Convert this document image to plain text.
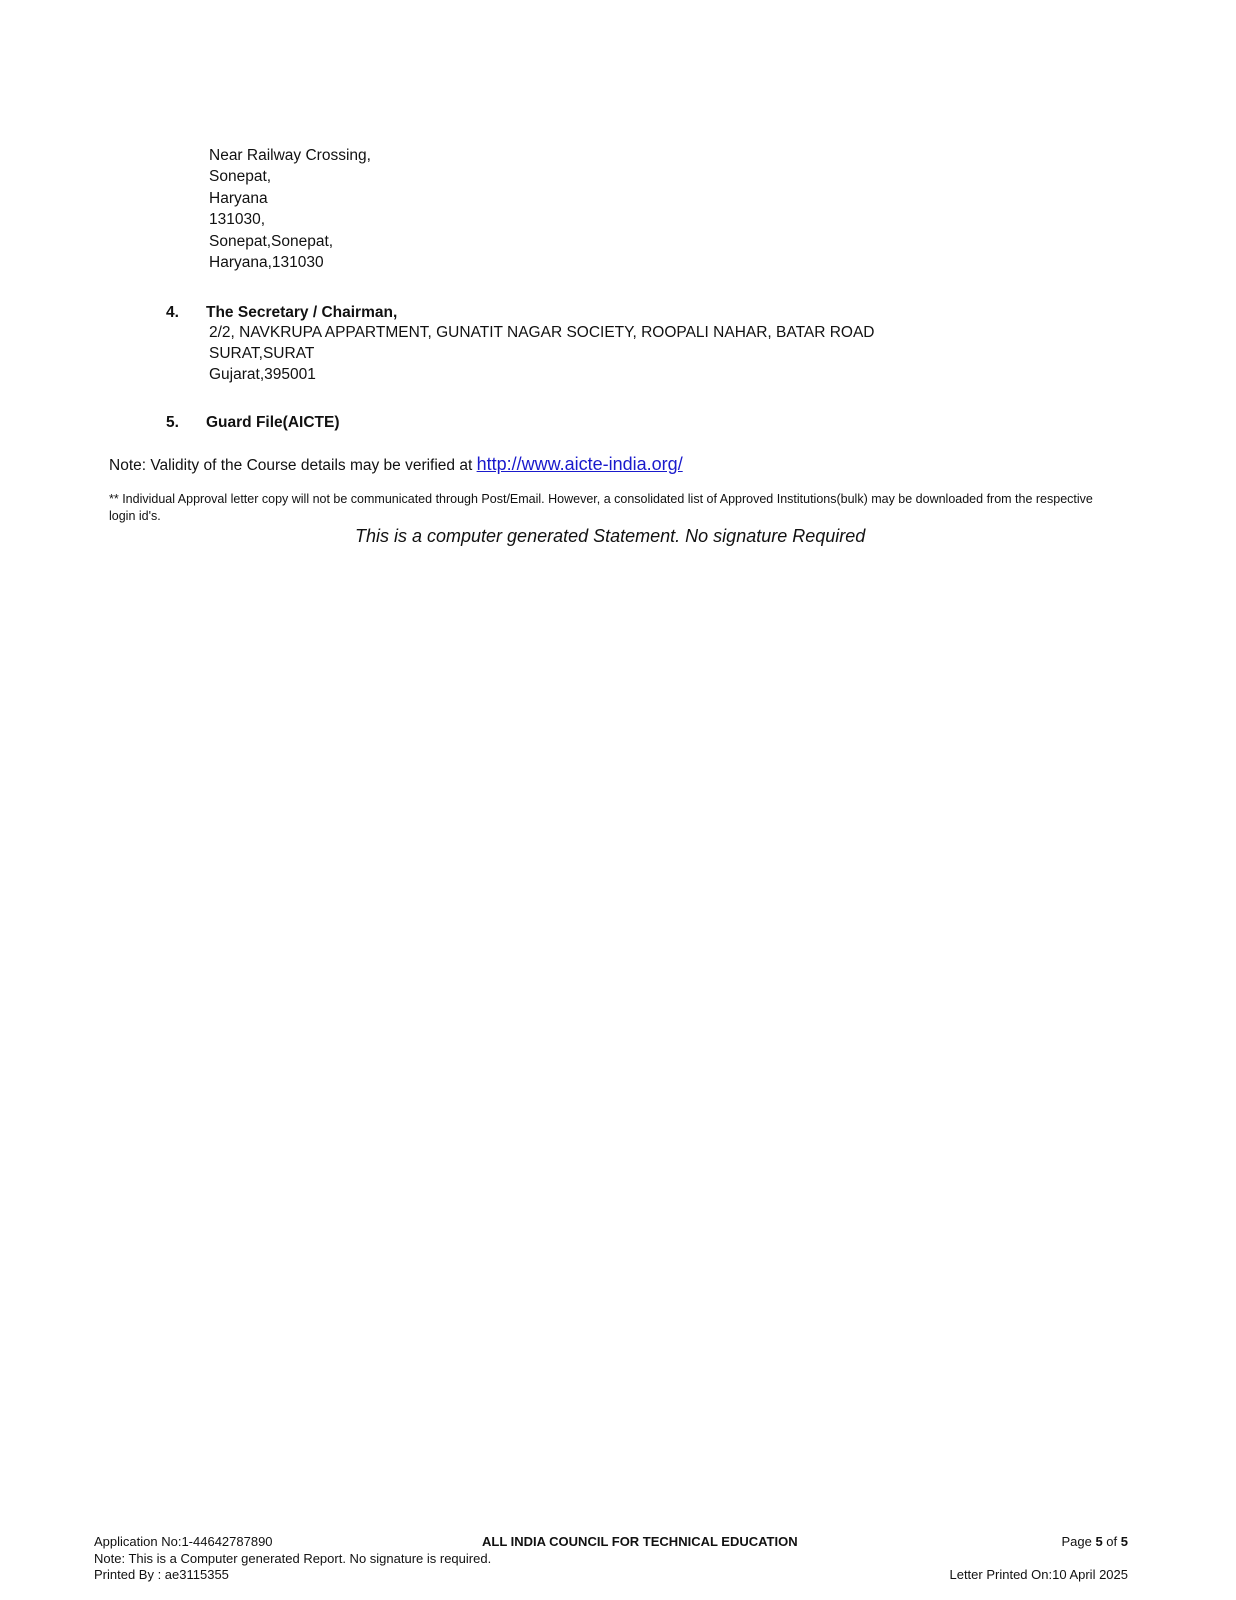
Near Railway Crossing,
Sonepat,
Haryana
131030,
Sonepat,Sonepat,
Haryana,131030
4. The Secretary / Chairman,
2/2, NAVKRUPA APPARTMENT, GUNATIT NAGAR SOCIETY, ROOPALI NAHAR, BATAR ROAD
SURAT,SURAT
Gujarat,395001
5. Guard File(AICTE)
Note: Validity of the Course details may be verified at http://www.aicte-india.org/
** Individual Approval letter copy will not be communicated through Post/Email. However, a consolidated list of Approved Institutions(bulk) may be downloaded from the respective login id's.
This is a computer generated Statement. No signature Required
Application No:1-44642787890	ALL INDIA COUNCIL FOR TECHNICAL EDUCATION	Page 5 of 5
Note: This is a Computer generated Report. No signature is required.
Printed By : ae3115355	Letter Printed On:10 April 2025
